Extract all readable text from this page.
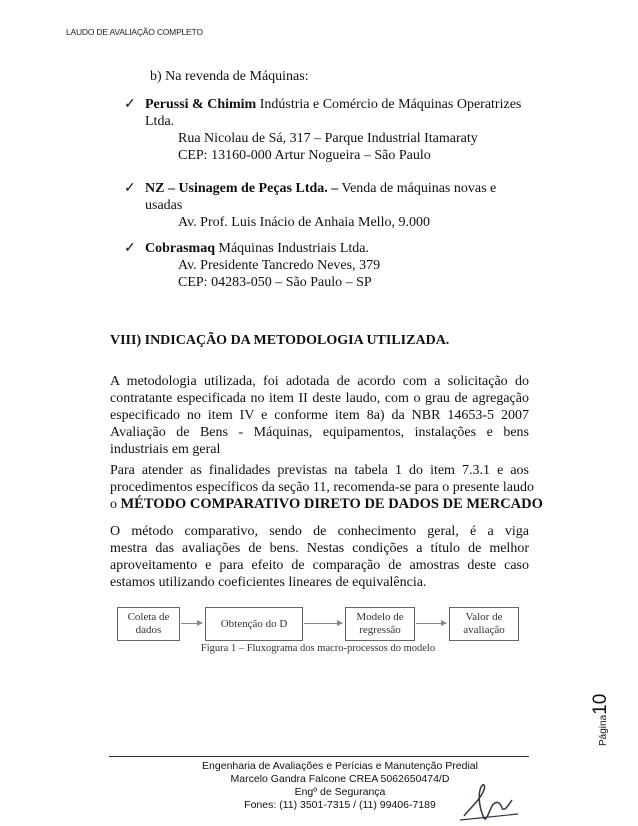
LAUDO DE AVALIAÇÃO COMPLETO
b) Na revenda de Máquinas:
✓ Perussi & Chimim Indústria e Comércio de Máquinas Operatrizes
Ltda.
Rua Nicolau de Sá, 317 – Parque Industrial Itamaraty
CEP: 13160-000 Artur Nogueira – São Paulo
✓ NZ – Usinagem de Peças Ltda. – Venda de máquinas novas e
usadas
Av. Prof. Luis Inácio de Anhaia Mello, 9.000
✓ Cobrasmaq Máquinas Industriais Ltda.
Av. Presidente Tancredo Neves, 379
CEP: 04283-050 – São Paulo – SP
VIII) INDICAÇÃO DA METODOLOGIA UTILIZADA.
A metodologia utilizada, foi adotada de acordo com a solicitação do
contratante especificada no item II deste laudo, com o grau de agregação
especificado no item IV e conforme item 8a) da NBR 14653-5 2007
Avaliação de Bens - Máquinas, equipamentos, instalações e bens
industriais em geral
Para atender as finalidades previstas na tabela 1 do item 7.3.1 e aos
procedimentos específicos da seção 11, recomenda-se para o presente laudo
o MÉTODO COMPARATIVO DIRETO DE DADOS DE MERCADO
O método comparativo, sendo de conhecimento geral, é a viga
mestra das avaliações de bens. Nestas condições a título de melhor
aproveitamento e para efeito de comparação de amostras deste caso
estamos utilizando coeficientes lineares de equivalência.
Coleta de
dados
Obtenção do D
Modelo de
regressão
Valor de
avaliação
Figura 1 – Fluxograma dos macro-processos do modelo
Página10
Engenharia de Avaliações e Perícias e Manutenção Predial
Marcelo Gandra Falcone CREA 5062650474/D
Engº de Segurança
Fones: (11) 3501-7315 / (11) 99406-7189
